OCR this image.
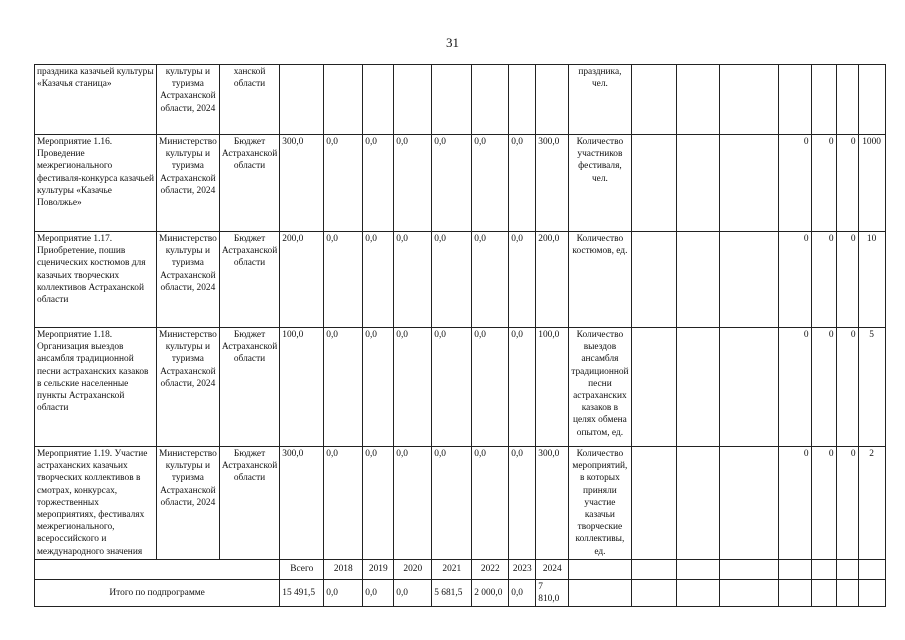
31
праздника казачьей культуры «Казачья станица»	культуры и туризма Астраханской области, 2024	ханской области									праздника, чел.							
Мероприятие 1.16. Проведение межрегионального фестиваля-конкурса казачьей культуры «Казачье Поволжье»	Министерство культуры и туризма Астраханской области, 2024	Бюджет Астраханской области	300,0	0,0	0,0	0,0	0,0	0,0	0,0	300,0	Количество участников фестиваля, чел.				0	0	0	1000
Мероприятие 1.17. Приобретение, пошив сценических костюмов для казачьих творческих коллективов Астраханской области	Министерство культуры и туризма Астраханской области, 2024	Бюджет Астраханской области	200,0	0,0	0,0	0,0	0,0	0,0	0,0	200,0	Количество костюмов, ед.				0	0	0	10
Мероприятие 1.18. Организация выездов ансамбля традиционной песни астраханских казаков в сельские населенные пункты Астраханской области	Министерство культуры и туризма Астраханской области, 2024	Бюджет Астраханской области	100,0	0,0	0,0	0,0	0,0	0,0	0,0	100,0	Количество выездов ансамбля традиционной песни астраханских казаков в целях обмена опытом, ед.				0	0	0	5
Мероприятие 1.19. Участие астраханских казачьих творческих коллективов в смотрах, конкурсах, торжественных мероприятиях, фестивалях межрегионального, всероссийского и международного значения	Министерство культуры и туризма Астраханской области, 2024	Бюджет Астраханской области	300,0	0,0	0,0	0,0	0,0	0,0	0,0	300,0	Количество мероприятий, в которых приняли участие казачьи творческие коллективы, ед.				0	0	0	2
			Всего	2018	2019	2020	2021	2022	2023	2024								
Итого по подпрограмме			15 491,5	0,0	0,0	0,0	5 681,5	2 000,0	0,0	7 810,0								
